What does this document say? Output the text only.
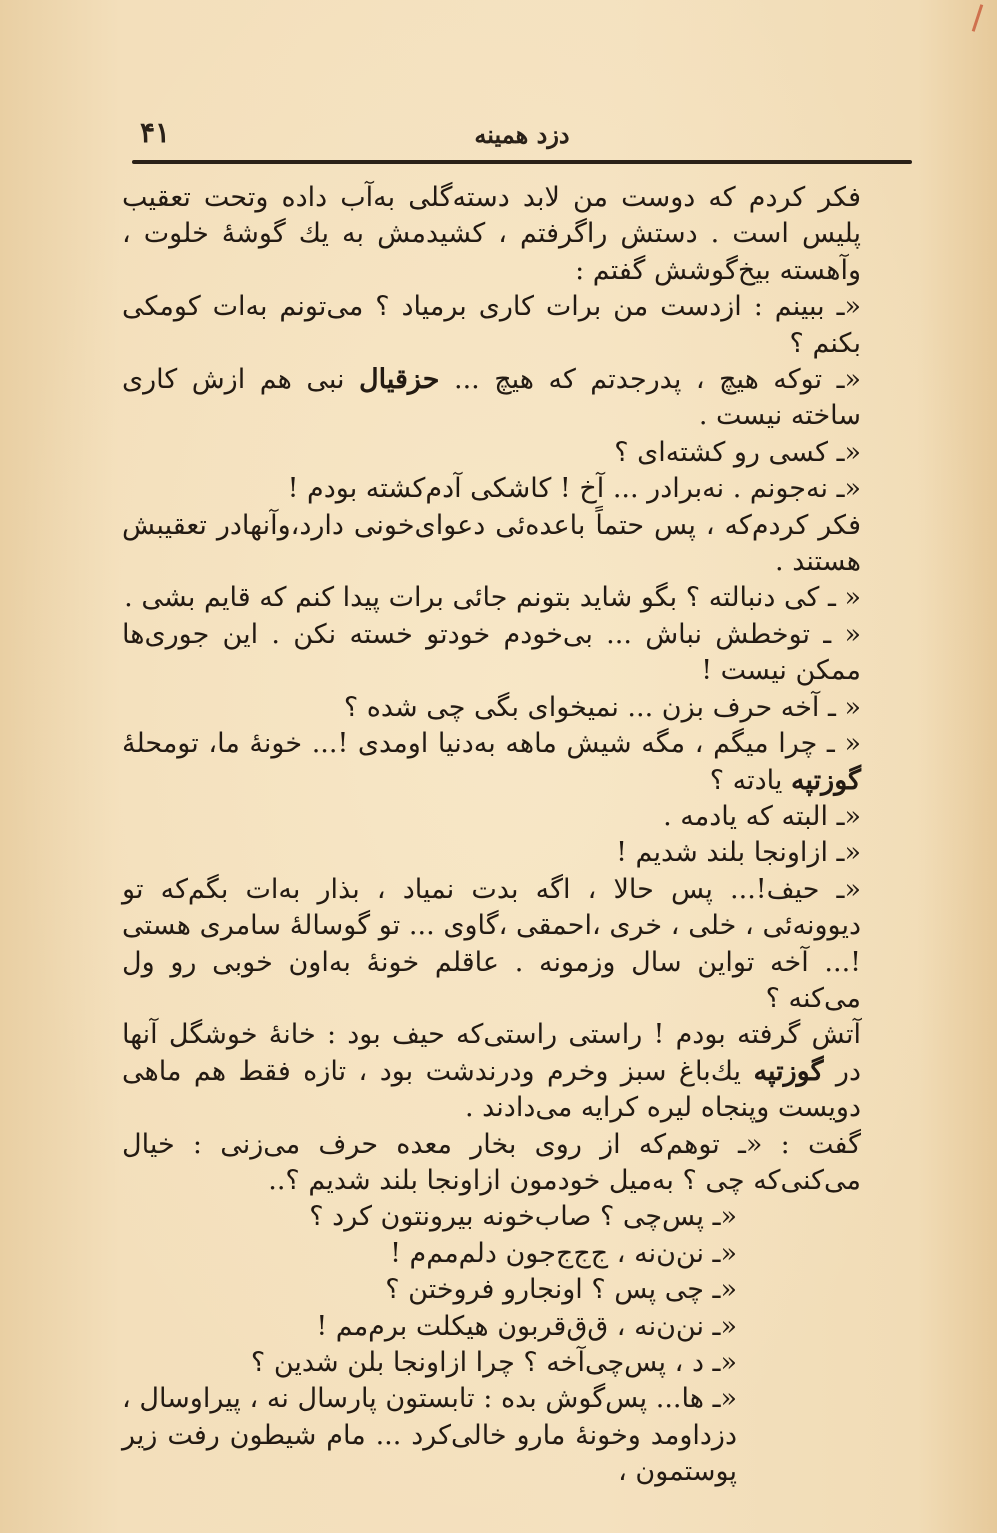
۴۱	دزد همینه

فکر کردم که دوست من لابد دسته‌گلی به‌آب داده وتحت تعقیب پلیس است . دستش راگرفتم ، کشیدمش به یك گوشهٔ خلوت ، وآهسته بیخ‌گوشش گفتم :

«ـ ببینم : ازدست من برات کاری برمیاد ؟ می‌تونم به‌ات کومکی بکنم ؟

«ـ توکه هیچ ، پدرجدتم که هیچ ... حزقیال نبی هم ازش کاری ساخته نیست .

«ـ کسی رو کشته‌ای ؟

«ـ نه‌جونم . نه‌برادر ... آخ ! کاشکی آدم‌کشته بودم !

فکر کردم‌که ، پس حتماً باعده‌ئی دعوای‌خونی دارد،وآنهادر تعقیبش هستند .

« ـ کی دنبالته ؟ بگو شاید بتونم جائی برات پیدا کنم که قایم بشی .

« ـ توخطش نباش ... بی‌خودم خودتو خسته نکن . این جوری‌ها ممکن نیست !

« ـ آخه حرف بزن ... نمیخوای بگی چی شده ؟

« ـ چرا میگم ، مگه شیش ماهه به‌دنیا اومدی !... خونهٔ ما، تومحلهٔ گوزتپه یادته ؟

«ـ البته که یادمه .

«ـ ازاونجا بلند شدیم !

«ـ حیف!... پس حالا ، اگه بدت نمیاد ، بذار به‌ات بگم‌که تو دیوونه‌ئی ، خلی ، خری ،احمقی ،گاوی ... تو گوسالهٔ سامری هستی !... آخه تواین سال وزمونه . عاقلم خونهٔ به‌اون خوبی رو ول می‌کنه ؟

آتش گرفته بودم ! راستی راستی‌که حیف بود : خانهٔ خوشگل آنها در گوزتپه یك‌باغ سبز وخرم ودرندشت بود ، تازه فقط هم ماهی دویست وپنجاه لیره کرایه می‌دادند .

گفت : «ـ توهم‌که از روی بخار معده حرف می‌زنی : خیال می‌کنی‌که چی ؟ به‌میل خودمون ازاونجا بلند شدیم ؟..

«ـ پس‌چی ؟ صاب‌خونه بیرونتون کرد ؟

«ـ نن‌ن‌نه ، ج‌ج‌ج‌جون دلم‌مم‌م !

«ـ چی پس ؟ اونجارو فروختن ؟

«ـ نن‌ن‌نه ، ق‌ق‌قربون هیکلت برم‌مم !

«ـ د ، پس‌چی‌آخه ؟ چرا ازاونجا بلن شدین ؟

«ـ ها... پس‌گوش بده : تابستون پارسال نه ، پیراوسال ، دزداومد وخونهٔ مارو خالی‌کرد ... مام شیطون رفت زیر پوستمون ،
